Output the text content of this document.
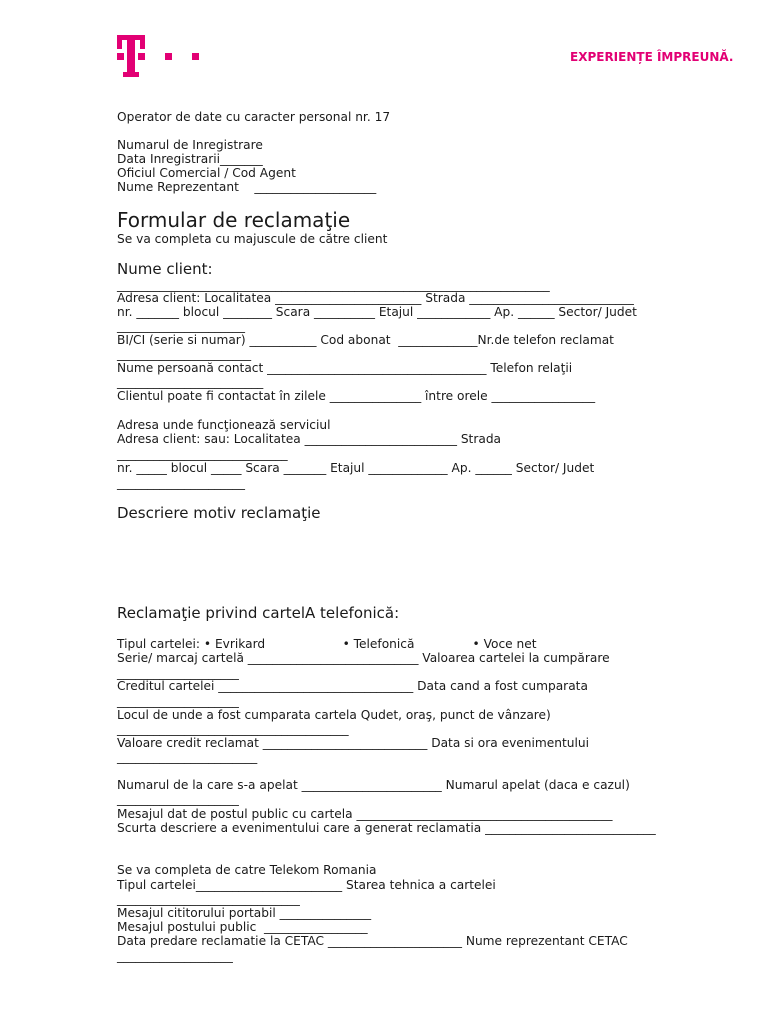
EXPERIENȚE ÎMPREUNĂ.

Operator de date cu caracter personal nr. 17

Numarul de Inregistrare

Data Inregistrarii_______

Oficiul Comercial / Cod Agent

Nume Reprezentant    ____________________

Formular de reclamaţie

Se va completa cu majuscule de către client

Nume client:

_______________________________________________________________________

Adresa client: Localitatea ________________________ Strada ___________________________

nr. _______ blocul ________ Scara __________ Etajul ____________ Ap. ______ Sector/ Judet

_____________________

BI/CI (serie si numar) ___________ Cod abonat  _____________Nr.de telefon reclamat

______________________

Nume persoană contact ____________________________________ Telefon relaţii

________________________

Clientul poate fi contactat în zilele _______________ între orele _________________

Adresa unde funcţionează serviciul

Adresa client: sau: Localitatea _________________________ Strada

____________________________

nr. _____ blocul _____ Scara _______ Etajul _____________ Ap. ______ Sector/ Judet

_____________________

Descriere motiv reclamaţie

Reclamaţie privind cartelA telefonică:

Tipul cartelei: • Evrikard                    • Telefonică               • Voce net

Serie/ marcaj cartelă ____________________________ Valoarea cartelei la cumpărare

____________________

Creditul cartelei ________________________________ Data cand a fost cumparata

____________________

Locul de unde a fost cumparata cartela Qudet, oraş, punct de vânzare)

______________________________________

Valoare credit reclamat ___________________________ Data si ora evenimentului

_______________________

Numarul de la care s-a apelat _______________________ Numarul apelat (daca e cazul)

____________________

Mesajul dat de postul public cu cartela __________________________________________

Scurta descriere a evenimentului care a generat reclamatia ____________________________

Se va completa de catre Telekom Romania

Tipul cartelei________________________ Starea tehnica a cartelei

______________________________

Mesajul cititorului portabil _______________

Mesajul postului public  _________________

Data predare reclamatie la CETAC ______________________ Nume reprezentant CETAC

___________________
